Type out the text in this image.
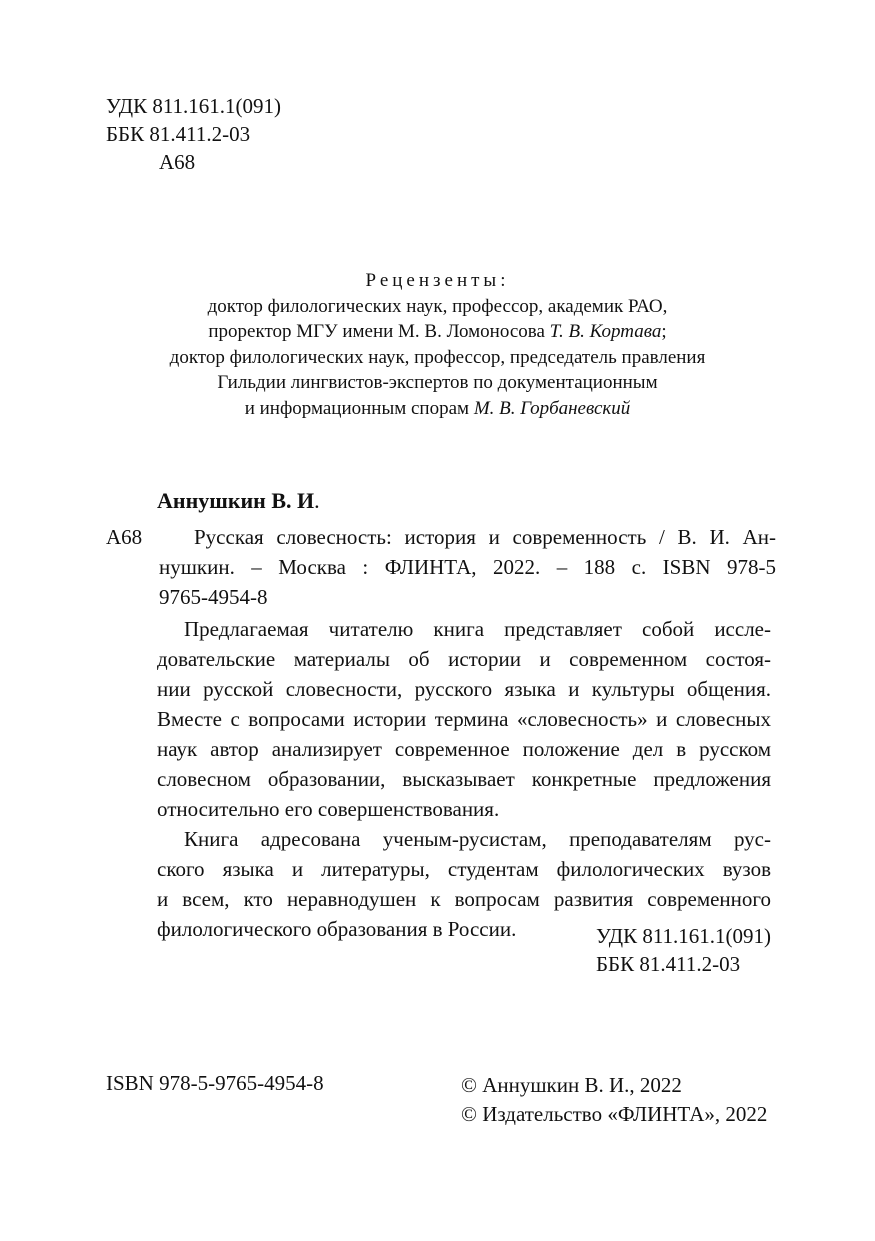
УДК 811.161.1(091)
ББК 81.411.2-03
А68
Рецензенты:
доктор филологических наук, профессор, академик РАО,
проректор МГУ имени М. В. Ломоносова Т. В. Кортава;
доктор филологических наук, профессор, председатель правления
Гильдии лингвистов-экспертов по документационным
и информационным спорам М. В. Горбаневский
Аннушкин В. И.
А68	Русская словесность: история и современность / В. И. Ан-
нушкин. – Москва : ФЛИНТА, 2022. – 188 с. ISBN 978-5
9765-4954-8
Предлагаемая читателю книга представляет собой иссле-
довательские материалы об истории и современном состоя-
нии русской словесности, русского языка и культуры общения.
Вместе с вопросами истории термина «словесность» и словесных
наук автор анализирует современное положение дел в русском
словесном образовании, высказывает конкретные предложения
относительно его совершенствования.
Книга адресована ученым-русистам, преподавателям рус-
ского языка и литературы, студентам филологических вузов
и всем, кто неравнодушен к вопросам развития современного
филологического образования в России.	УДК 811.161.1(091)
ББК 81.411.2-03
ISBN 978-5-9765-4954-8	© Аннушкин В. И., 2022
© Издательство «ФЛИНТА», 2022
